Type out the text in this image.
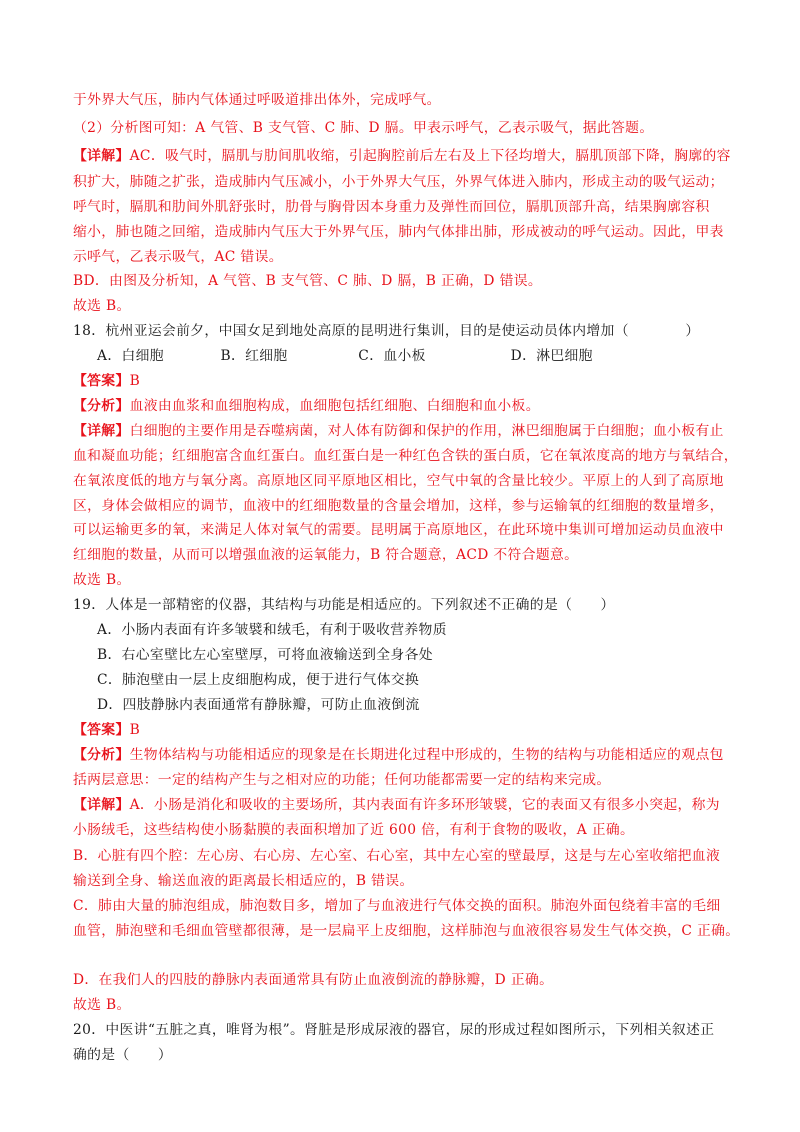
于外界大气压，肺内气体通过呼吸道排出体外，完成呼气。
（2）分析图可知：A 气管、B 支气管、C 肺、D 膈。甲表示呼气，乙表示吸气，据此答题。
【详解】AC．吸气时，膈肌与肋间肌收缩，引起胸腔前后左右及上下径均增大，膈肌顶部下降，胸廓的容
积扩大，肺随之扩张，造成肺内气压减小，小于外界大气压，外界气体进入肺内，形成主动的吸气运动；
呼气时，膈肌和肋间外肌舒张时，肋骨与胸骨因本身重力及弹性而回位，膈肌顶部升高，结果胸廓容积
缩小，肺也随之回缩，造成肺内气压大于外界气压，肺内气体排出肺，形成被动的呼气运动。因此，甲表
示呼气，乙表示吸气，AC 错误。
BD．由图及分析知，A 气管、B 支气管、C 肺、D 膈，B 正确，D 错误。
故选 B。
18．杭州亚运会前夕，中国女足到地处高原的昆明进行集训，目的是使运动员体内增加（　　　　）
A．白细胞　　　　B．红细胞　　　　　C．血小板　　　　　　D．淋巴细胞
【答案】B
【分析】血液由血浆和血细胞构成，血细胞包括红细胞、白细胞和血小板。
【详解】白细胞的主要作用是吞噬病菌，对人体有防御和保护的作用，淋巴细胞属于白细胞；血小板有止
血和凝血功能；红细胞富含血红蛋白。血红蛋白是一种红色含铁的蛋白质，它在氧浓度高的地方与氧结合，
在氧浓度低的地方与氧分离。高原地区同平原地区相比，空气中氧的含量比较少。平原上的人到了高原地
区，身体会做相应的调节，血液中的红细胞数量的含量会增加，这样，参与运输氧的红细胞的数量增多，
可以运输更多的氧，来满足人体对氧气的需要。昆明属于高原地区，在此环境中集训可增加运动员血液中
红细胞的数量，从而可以增强血液的运氧能力，B 符合题意，ACD 不符合题意。
故选 B。
19．人体是一部精密的仪器，其结构与功能是相适应的。下列叙述不正确的是（　　）
A．小肠内表面有许多皱襞和绒毛，有利于吸收营养物质
B．右心室壁比左心室壁厚，可将血液输送到全身各处
C．肺泡壁由一层上皮细胞构成，便于进行气体交换
D．四肢静脉内表面通常有静脉瓣，可防止血液倒流
【答案】B
【分析】生物体结构与功能相适应的现象是在长期进化过程中形成的，生物的结构与功能相适应的观点包
括两层意思：一定的结构产生与之相对应的功能；任何功能都需要一定的结构来完成。
【详解】A．小肠是消化和吸收的主要场所，其内表面有许多环形皱襞，它的表面又有很多小突起，称为
小肠绒毛，这些结构使小肠黏膜的表面积增加了近 600 倍，有利于食物的吸收，A 正确。
B．心脏有四个腔：左心房、右心房、左心室、右心室，其中左心室的壁最厚，这是与左心室收缩把血液
输送到全身、输送血液的距离最长相适应的，B 错误。
C．肺由大量的肺泡组成，肺泡数目多，增加了与血液进行气体交换的面积。肺泡外面包绕着丰富的毛细
血管，肺泡壁和毛细血管壁都很薄，是一层扁平上皮细胞，这样肺泡与血液很容易发生气体交换，C 正确。
D．在我们人的四肢的静脉内表面通常具有防止血液倒流的静脉瓣，D 正确。
故选 B。
20．中医讲“五脏之真，唯肾为根”。肾脏是形成尿液的器官，尿的形成过程如图所示，下列相关叙述正
确的是（　　）
